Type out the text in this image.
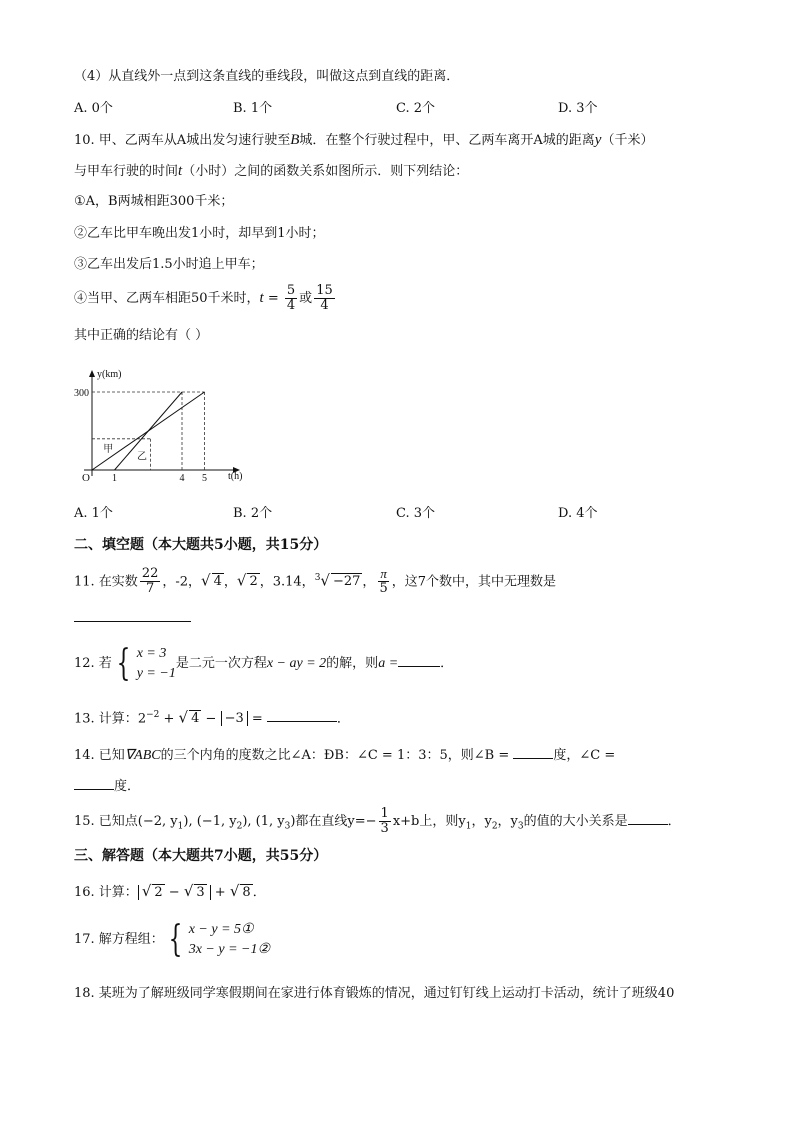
（4）从直线外一点到这条直线的垂线段，叫做这点到直线的距离．
A. 0个	B. 1个	C. 2个	D. 3个
10. 甲、乙两车从A城出发匀速行驶至B城．在整个行驶过程中，甲、乙两车离开A城的距离y（千米）
与甲车行驶的时间t（小时）之间的函数关系如图所示．则下列结论：
①A，B两城相距300千米；
②乙车比甲车晚出发1小时，却早到1小时；
③乙车出发后1.5小时追上甲车；
④当甲、乙两车相距50千米时，$t = \frac{5}{4}$ 或 $\frac{15}{4}$
其中正确的结论有（ ）
y(km)
t(h)
O
甲
乙
300
1	4 5
A. 1个	B. 2个	C. 3个	D. 4个
二、填空题（本大题共5小题，共15分）
11. 在实数 $\frac{22}{7}$ ，-2，√ 4 ，√ 2 ，3.14，$^3$√ −27 ， $\frac{\pi}{5}$ ，这7个数中，其中无理数是
12. 若 { x = 3
y = −1
是二元一次方程x − ay = 2的解，则a =	．
13. 计算：$2^{-2}$ + √ 4 − −3 =	．
14. 已知∇ABC的三个内角的度数之比∠A：ÐB：∠C = 1：3：5，则∠B =	度，∠C =
度．
15. 已知点(−2, $y_1$), (−1, $y_2$), (1, $y_3$)都在直线$y=- \frac{1}{3} x+b$上，则$y_1$，$y_2$，$y_3$的值的大小关系是	．
三、解答题（本大题共7小题，共55分）
16. 计算： √ 2 − √ 3 + √ 8 ．
17. 解方程组： { x − y = 5①
3x − y = −1②
18. 某班为了解班级同学寒假期间在家进行体育锻炼的情况，通过钉钉线上运动打卡活动，统计了班级40
